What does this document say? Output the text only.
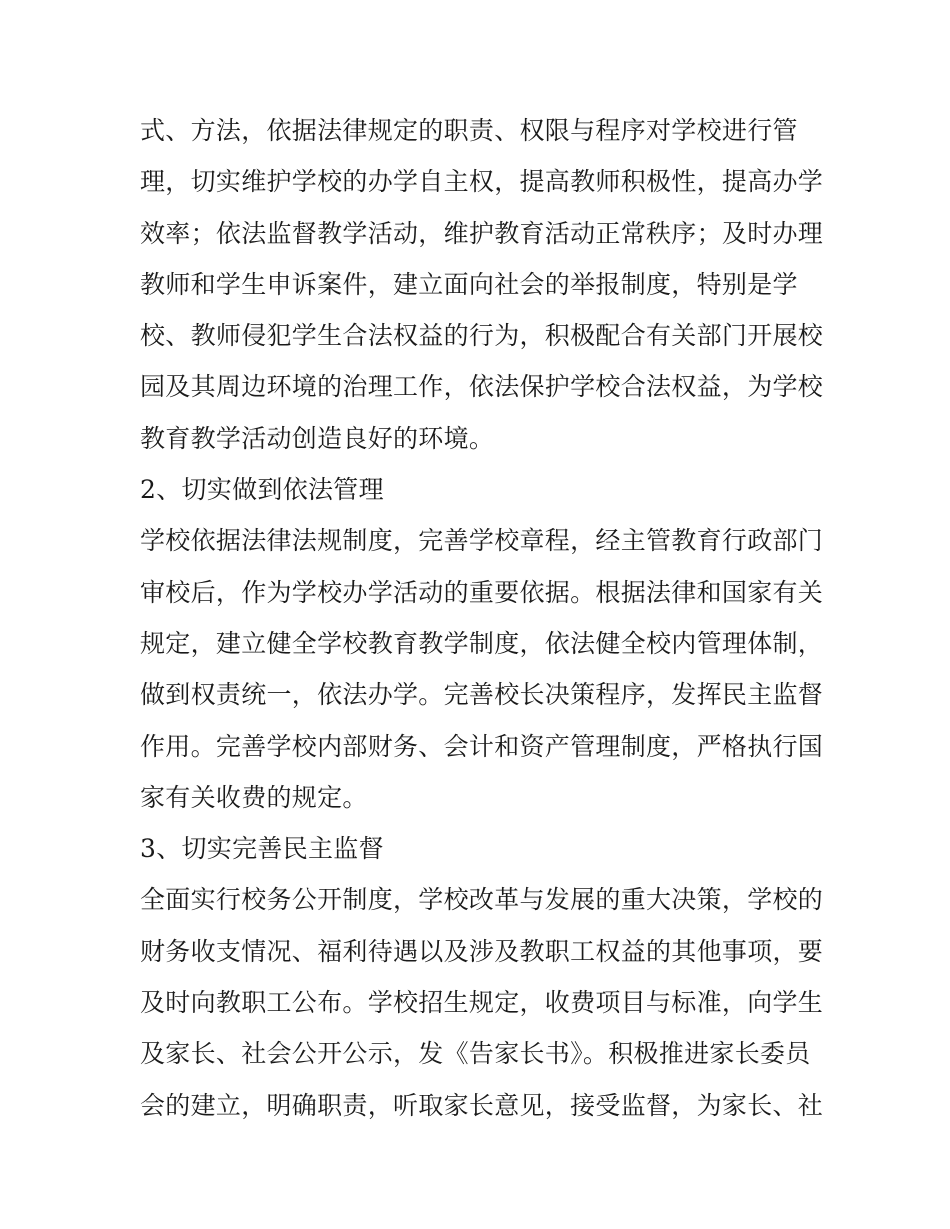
式、方法，依据法律规定的职责、权限与程序对学校进行管
理，切实维护学校的办学自主权，提高教师积极性，提高办学
效率；依法监督教学活动，维护教育活动正常秩序；及时办理
教师和学生申诉案件，建立面向社会的举报制度，特别是学
校、教师侵犯学生合法权益的行为，积极配合有关部门开展校
园及其周边环境的治理工作，依法保护学校合法权益，为学校
教育教学活动创造良好的环境。
2、切实做到依法管理
学校依据法律法规制度，完善学校章程，经主管教育行政部门
审校后，作为学校办学活动的重要依据。根据法律和国家有关
规定，建立健全学校教育教学制度，依法健全校内管理体制，
做到权责统一，依法办学。完善校长决策程序，发挥民主监督
作用。完善学校内部财务、会计和资产管理制度，严格执行国
家有关收费的规定。
3、切实完善民主监督
全面实行校务公开制度，学校改革与发展的重大决策，学校的
财务收支情况、福利待遇以及涉及教职工权益的其他事项，要
及时向教职工公布。学校招生规定，收费项目与标准，向学生
及家长、社会公开公示，发《告家长书》。积极推进家长委员
会的建立，明确职责，听取家长意见，接受监督，为家长、社
